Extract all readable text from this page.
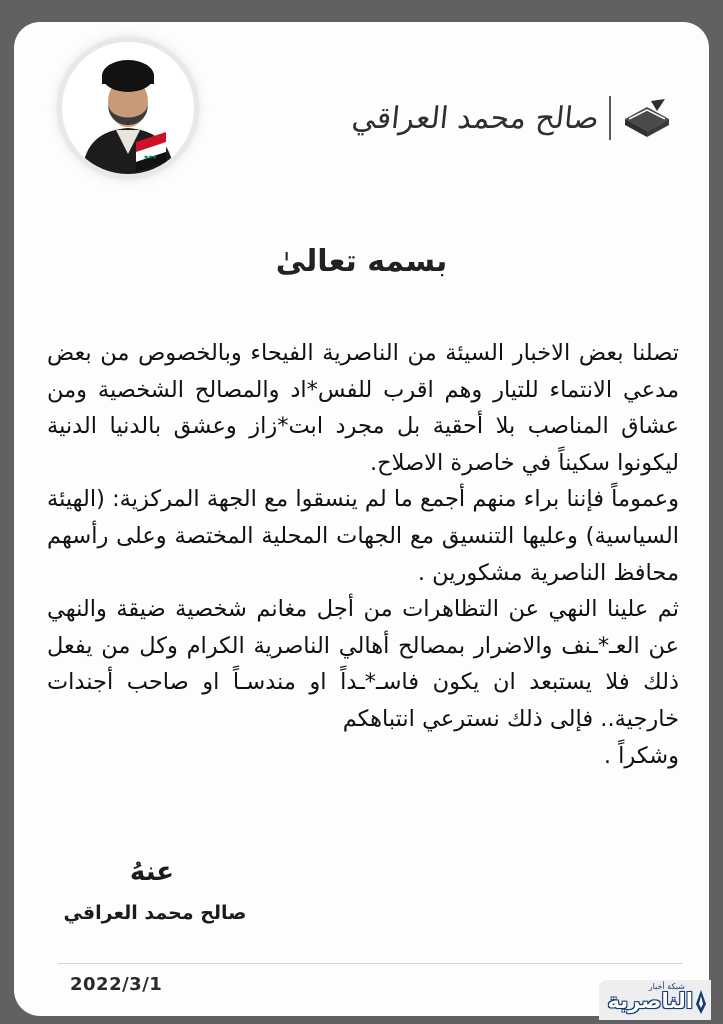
صالح محمد العراقي
✱✱✱
بسمه تعالىٰ

تصلنا بعض الاخبار السيئة من الناصرية الفيحاء وبالخصوص من بعض مدعي الانتماء للتيار وهم اقرب للفس*اد والمصالح الشخصية ومن عشاق المناصب بلا أحقية بل مجرد ابت*زاز وعشق بالدنيا الدنية ليكونوا سكيناً في خاصرة الاصلاح.

وعموماً فإننا براء منهم أجمع ما لم ينسقوا مع الجهة المركزية: (الهيئة السياسية) وعليها التنسيق مع الجهات المحلية المختصة وعلى رأسهم محافظ الناصرية مشكورين .

ثم علينا النهي عن التظاهرات من أجل مغانم شخصية ضيقة والنهي عن العـ*ـنف والاضرار بمصالح أهالي الناصرية الكرام وكل من يفعل ذلك فلا يستبعد ان يكون فاسـ*ـداً او مندسـاً او صاحب أجندات خارجية.. فإلى ذلك نسترعي انتباهكم

وشكراً .

عنهُ
صالح محمد العراقي
2022/3/1	شبكة أخبار
الناصرية
